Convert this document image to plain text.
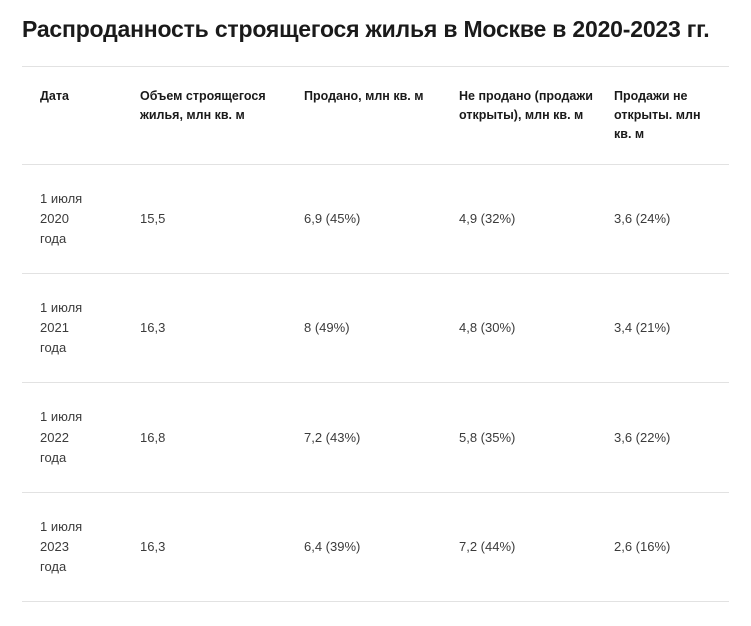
Распроданность строящегося жилья в Москве в 2020-2023 гг.
Дата	Объем строящегося жилья, млн кв. м	Продано, млн кв. м	Не продано (продажи открыты), млн кв. м	Продажи не открыты. млн кв. м

1 июля
2020
года	15,5	6,9 (45%)	4,9 (32%)	3,6 (24%)

1 июля
2021
года	16,3	8 (49%)	4,8 (30%)	3,4 (21%)

1 июля
2022
года	16,8	7,2 (43%)	5,8 (35%)	3,6 (22%)

1 июля
2023
года	16,3	6,4 (39%)	7,2 (44%)	2,6 (16%)
